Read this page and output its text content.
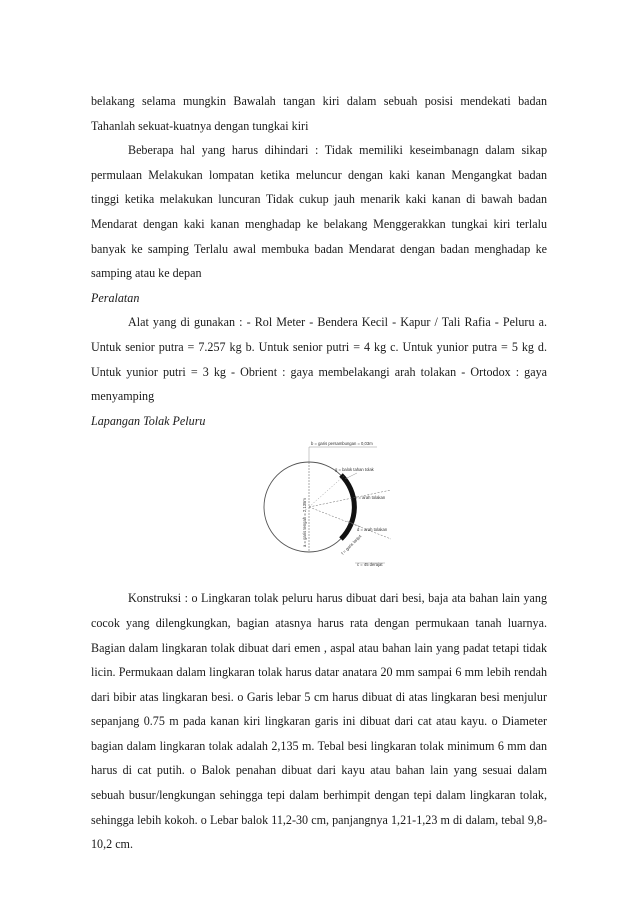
belakang selama mungkin Bawalah tangan kiri dalam sebuah posisi mendekati badan Tahanlah sekuat-kuatnya dengan tungkai kiri

Beberapa hal yang harus dihindari : Tidak memiliki keseimbanagn dalam sikap permulaan Melakukan lompatan ketika meluncur dengan kaki kanan Mengangkat badan tinggi ketika melakukan luncuran Tidak cukup jauh menarik kaki kanan di bawah badan Mendarat dengan kaki kanan menghadap ke belakang Menggerakkan tungkai kiri terlalu banyak ke samping Terlalu awal membuka badan Mendarat dengan badan menghadap ke samping atau ke depan

Peralatan

Alat yang di gunakan : - Rol Meter - Bendera Kecil - Kapur / Tali Rafia - Peluru a. Untuk senior putra = 7.257 kg b. Untuk senior putri = 4 kg c. Untuk yunior putra = 5 kg d. Untuk yunior putri = 3 kg - Obrient : gaya membelakangi arah tolakan - Ortodox : gaya menyamping

Lapangan Tolak Peluru
b = garis persambungan = 0,03m
a = garis tengah = 2,135m
g = balok tahan tolak
e = arah tolakan
d = arah tolakan
f = garis lanjut
c = 45 derajat

Konstruksi : o Lingkaran tolak peluru harus dibuat dari besi, baja ata bahan lain yang cocok yang dilengkungkan, bagian atasnya harus rata dengan permukaan tanah luarnya. Bagian dalam lingkaran tolak dibuat dari emen , aspal atau bahan lain yang padat tetapi tidak licin. Permukaan dalam lingkaran tolak harus datar anatara 20 mm sampai 6 mm lebih rendah dari bibir atas lingkaran besi. o Garis lebar 5 cm harus dibuat di atas lingkaran besi menjulur sepanjang 0.75 m pada kanan kiri lingkaran garis ini dibuat dari cat atau kayu. o Diameter bagian dalam lingkaran tolak adalah 2,135 m. Tebal besi lingkaran tolak minimum 6 mm dan harus di cat putih. o Balok penahan dibuat dari kayu atau bahan lain yang sesuai dalam sebuah busur/lengkungan sehingga tepi dalam berhimpit dengan tepi dalam lingkaran tolak, sehingga lebih kokoh. o Lebar balok 11,2-30 cm, panjangnya 1,21-1,23 m di dalam, tebal 9,8-10,2 cm.
